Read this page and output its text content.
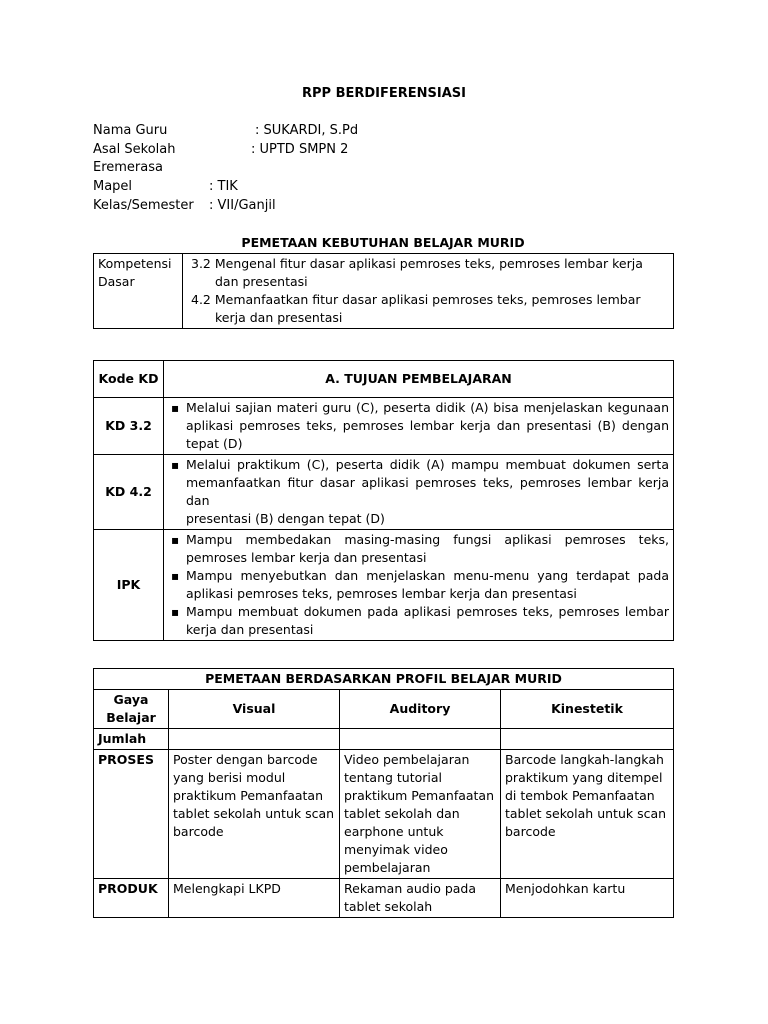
RPP BERDIFERENSIASI
Nama Guru	: SUKARDI, S.Pd
Asal Sekolah	: UPTD SMPN 2
Eremerasa
Mapel	: TIK
Kelas/Semester : VII/Ganjil
PEMETAAN KEBUTUHAN BELAJAR MURID
Kompetensi Dasar	
3.2 Mengenal fitur dasar aplikasi pemroses teks, pemroses lembar kerja dan presentasi
4.2 Memanfaatkan fitur dasar aplikasi pemroses teks, pemroses lembar kerja dan presentasi
Kode KD	A. TUJUAN PEMBELAJARAN
KD 3.2	▪ Melalui sajian materi guru (C), peserta didik (A) bisa menjelaskan kegunaan aplikasi pemroses teks, pemroses lembar kerja dan presentasi (B) dengan tepat (D)

KD 4.2	▪ Melalui praktikum (C), peserta didik (A) mampu membuat dokumen serta memanfaatkan fitur dasar aplikasi pemroses teks, pemroses lembar kerja dan
presentasi (B) dengan tepat (D)

IPK	▪ Mampu membedakan masing-masing fungsi aplikasi pemroses teks, pemroses lembar kerja dan presentasi
▪ Mampu menyebutkan dan menjelaskan menu-menu yang terdapat pada aplikasi pemroses teks, pemroses lembar kerja dan presentasi
▪ Mampu membuat dokumen pada aplikasi pemroses teks, pemroses lembar kerja dan presentasi
PEMETAAN BERDASARKAN PROFIL BELAJAR MURID			
Gaya Belajar	Visual	Auditory	Kinestetik
Jumlah			
PROSES	Poster dengan barcode yang berisi modul praktikum Pemanfaatan tablet sekolah untuk scan barcode	Video pembelajaran tentang tutorial praktikum Pemanfaatan tablet sekolah dan earphone untuk menyimak video pembelajaran	Barcode langkah-langkah praktikum yang ditempel di tembok Pemanfaatan tablet sekolah untuk scan barcode
PRODUK	Melengkapi LKPD	Rekaman audio pada tablet sekolah	Menjodohkan kartu
